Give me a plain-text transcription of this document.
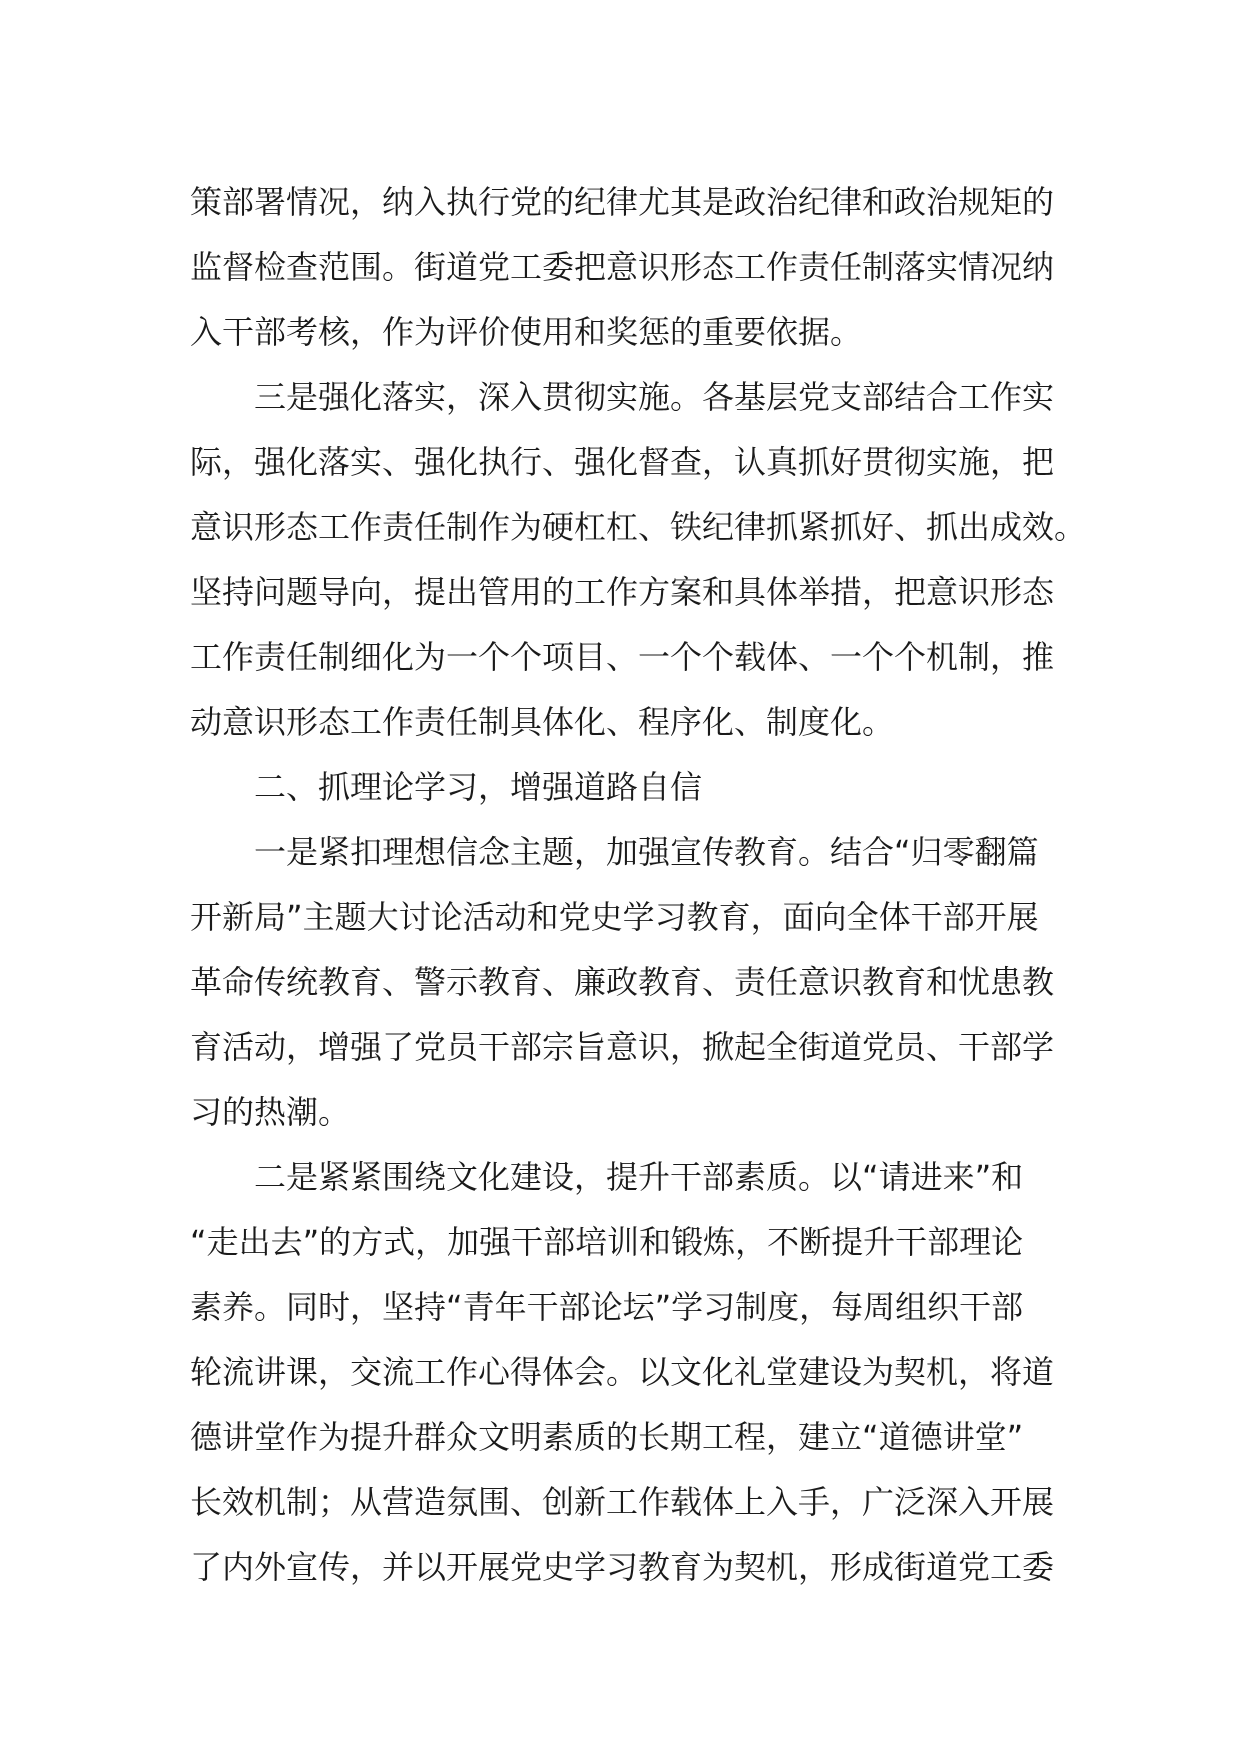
策部署情况，纳入执行党的纪律尤其是政治纪律和政治规矩的
监督检查范围。街道党工委把意识形态工作责任制落实情况纳
入干部考核，作为评价使用和奖惩的重要依据。
　　三是强化落实，深入贯彻实施。各基层党支部结合工作实
际，强化落实、强化执行、强化督查，认真抓好贯彻实施，把
意识形态工作责任制作为硬杠杠、铁纪律抓紧抓好、抓出成效。
坚持问题导向，提出管用的工作方案和具体举措，把意识形态
工作责任制细化为一个个项目、一个个载体、一个个机制，推
动意识形态工作责任制具体化、程序化、制度化。
　　二、抓理论学习，增强道路自信
　　一是紧扣理想信念主题，加强宣传教育。结合“归零翻篇
开新局”主题大讨论活动和党史学习教育，面向全体干部开展
革命传统教育、警示教育、廉政教育、责任意识教育和忧患教
育活动，增强了党员干部宗旨意识，掀起全街道党员、干部学
习的热潮。
　　二是紧紧围绕文化建设，提升干部素质。以“请进来”和
“走出去”的方式，加强干部培训和锻炼，不断提升干部理论
素养。同时，坚持“青年干部论坛”学习制度，每周组织干部
轮流讲课，交流工作心得体会。以文化礼堂建设为契机，将道
德讲堂作为提升群众文明素质的长期工程，建立“道德讲堂”
长效机制；从营造氛围、创新工作载体上入手，广泛深入开展
了内外宣传，并以开展党史学习教育为契机，形成街道党工委
